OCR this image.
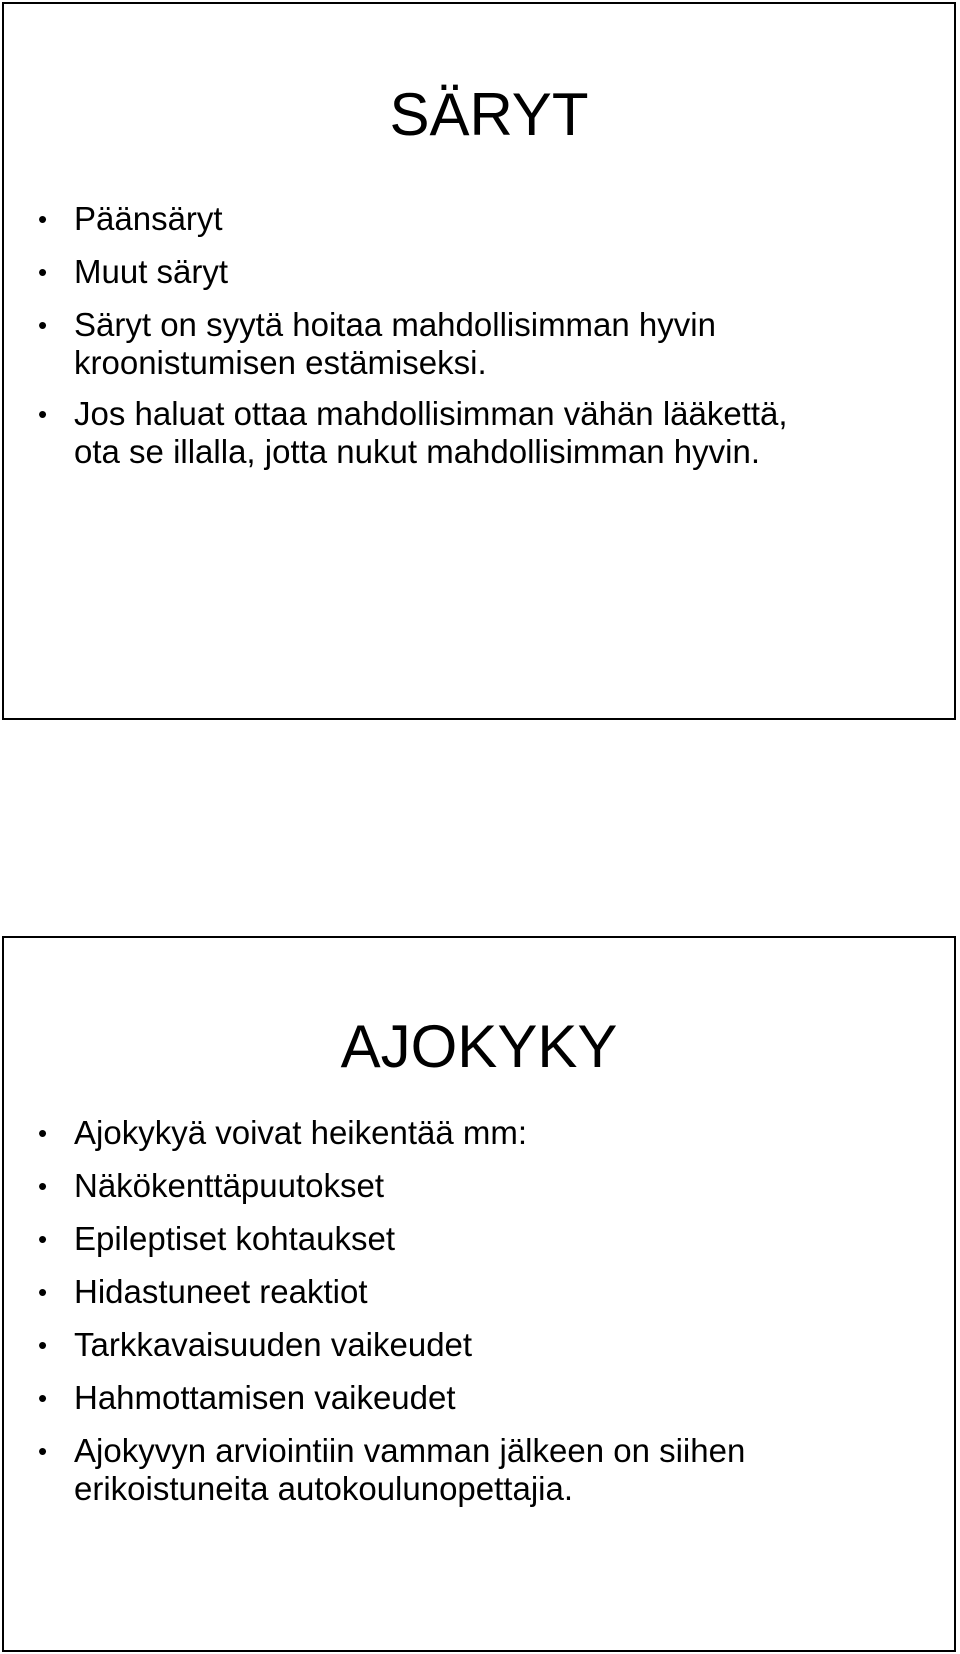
SÄRYT
• Päänsäryt
• Muut säryt
• Säryt on syytä hoitaa mahdollisimman hyvin
kroonistumisen estämiseksi.
• Jos haluat ottaa mahdollisimman vähän lääkettä,
ota se illalla, jotta nukut mahdollisimman hyvin.
AJOKYKY
• Ajokykyä voivat heikentää mm:
• Näkökenttäpuutokset
• Epileptiset kohtaukset
• Hidastuneet reaktiot
• Tarkkavaisuuden vaikeudet
• Hahmottamisen vaikeudet
• Ajokyvyn arviointiin vamman jälkeen on siihen
erikoistuneita autokoulunopettajia.
